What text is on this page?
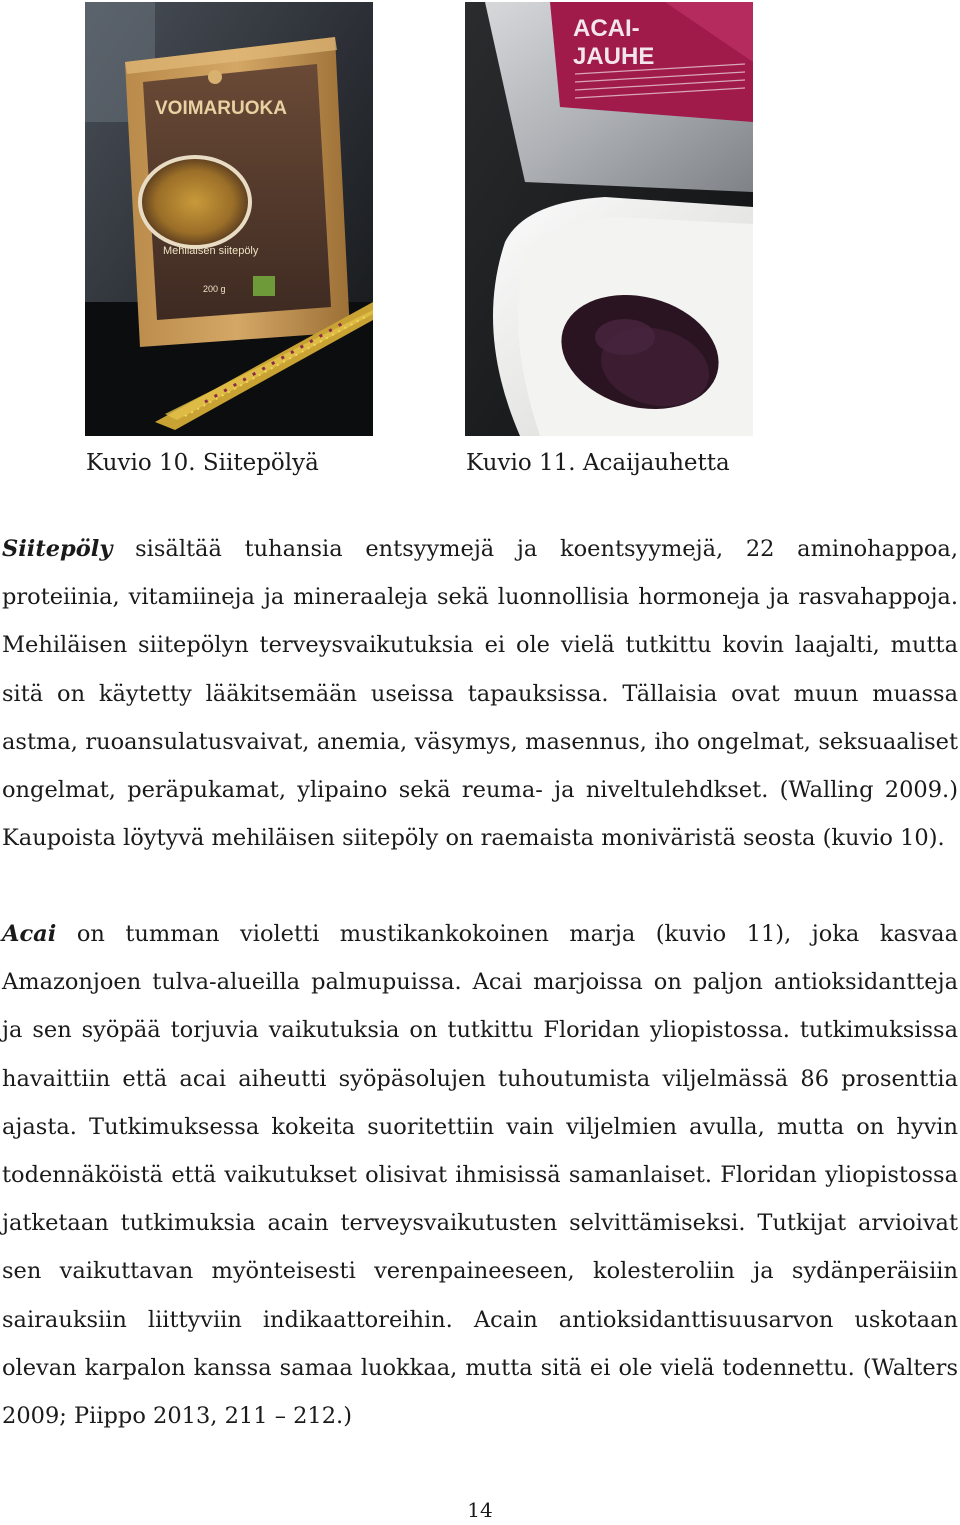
VOIMARUOKA
Mehiläisen siitepöly
200 g
ACAI-
JAUHE
Kuvio 10. Siitepölyä	Kuvio 11. Acaijauhetta

Siitepöly sisältää tuhansia entsyymejä ja koentsyymejä, 22 aminohappoa, proteiinia, vitamiineja ja mineraaleja sekä luonnollisia hormoneja ja rasvahappoja. Mehiläisen siitepölyn terveysvaikutuksia ei ole vielä tutkittu kovin laajalti, mutta sitä on käytetty lääkitsemään useissa tapauksissa. Tällaisia ovat muun muassa astma, ruoansulatusvaivat, anemia, väsymys, masennus, iho ongelmat, seksuaaliset ongelmat, peräpukamat, ylipaino sekä reuma- ja niveltulehdkset. (Walling 2009.) Kaupoista löytyvä mehiläisen siitepöly on raemaista moniväristä seosta (kuvio 10).

Acai on tumman violetti mustikankokoinen marja (kuvio 11), joka kasvaa Amazonjoen tulva-alueilla palmupuissa. Acai marjoissa on paljon antioksidantteja ja sen syöpää torjuvia vaikutuksia on tutkittu Floridan yliopistossa. tutkimuksissa havaittiin että acai aiheutti syöpäsolujen tuhoutumista viljelmässä 86 prosenttia ajasta. Tutkimuksessa kokeita suoritettiin vain viljelmien avulla, mutta on hyvin todennäköistä että vaikutukset olisivat ihmisissä samanlaiset. Floridan yliopistossa jatketaan tutkimuksia acain terveysvaikutusten selvittämiseksi. Tutkijat arvioivat sen vaikuttavan myönteisesti verenpaineeseen, kolesteroliin ja sydänperäisiin sairauksiin liittyviin indikaattoreihin. Acain antioksidanttisuusarvon uskotaan olevan karpalon kanssa samaa luokkaa, mutta sitä ei ole vielä todennettu. (Walters 2009; Piippo 2013, 211 – 212.)

14
